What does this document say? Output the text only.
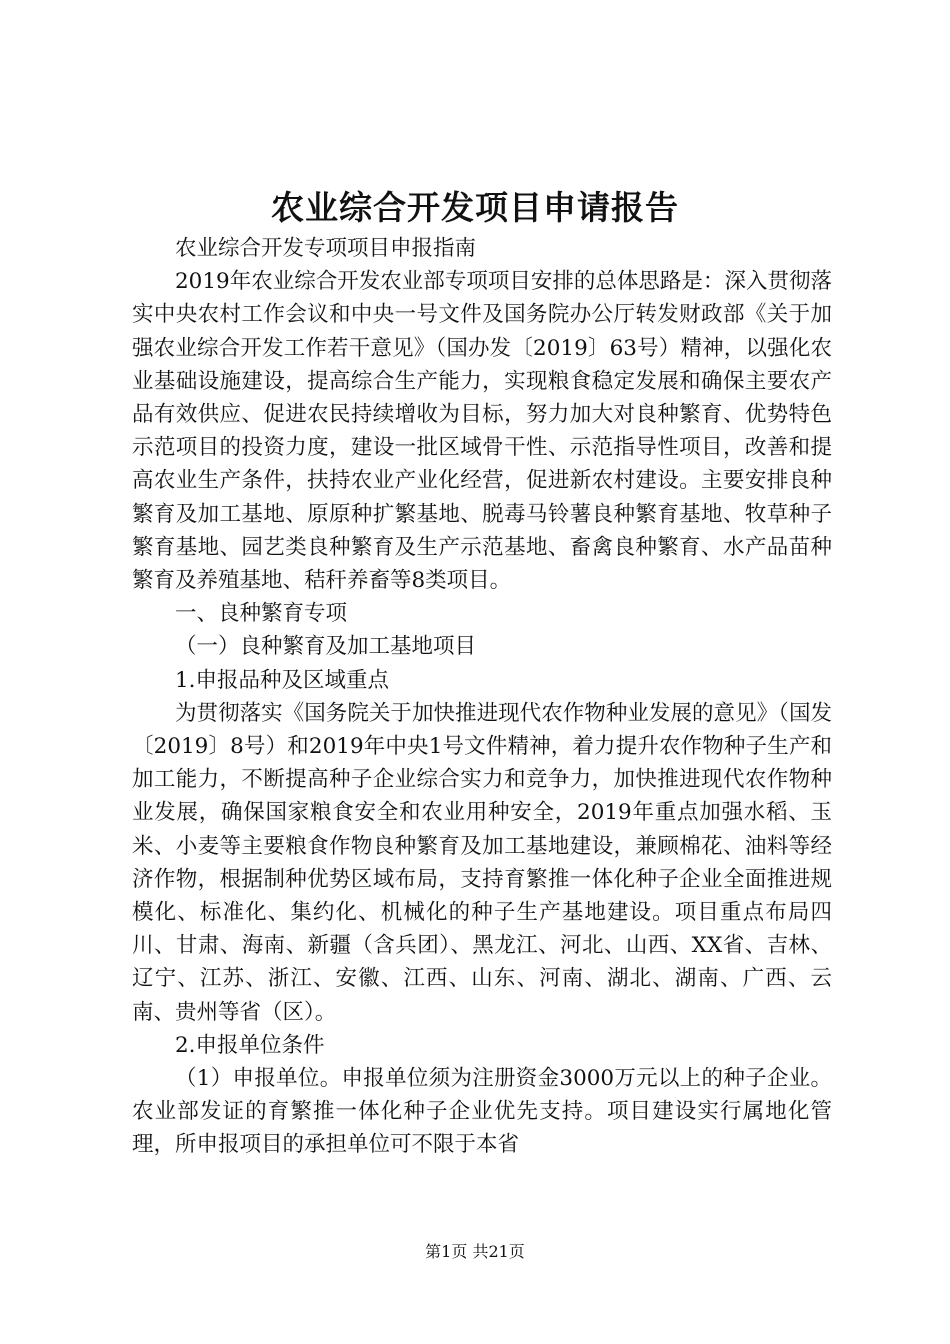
农业综合开发项目申请报告

农业综合开发专项项目申报指南

2019年农业综合开发农业部专项项目安排的总体思路是：深入贯彻落实中央农村工作会议和中央一号文件及国务院办公厅转发财政部《关于加强农业综合开发工作若干意见》（国办发〔2019〕63号）精神，以强化农业基础设施建设，提高综合生产能力，实现粮食稳定发展和确保主要农产品有效供应、促进农民持续增收为目标，努力加大对良种繁育、优势特色示范项目的投资力度，建设一批区域骨干性、示范指导性项目，改善和提高农业生产条件，扶持农业产业化经营，促进新农村建设。主要安排良种繁育及加工基地、原原种扩繁基地、脱毒马铃薯良种繁育基地、牧草种子繁育基地、园艺类良种繁育及生产示范基地、畜禽良种繁育、水产品苗种繁育及养殖基地、秸秆养畜等8类项目。

一、良种繁育专项

（一）良种繁育及加工基地项目

1.申报品种及区域重点

为贯彻落实《国务院关于加快推进现代农作物种业发展的意见》（国发〔2019〕8号）和2019年中央1号文件精神，着力提升农作物种子生产和加工能力，不断提高种子企业综合实力和竞争力，加快推进现代农作物种业发展，确保国家粮食安全和农业用种安全，2019年重点加强水稻、玉米、小麦等主要粮食作物良种繁育及加工基地建设，兼顾棉花、油料等经济作物，根据制种优势区域布局，支持育繁推一体化种子企业全面推进规模化、标准化、集约化、机械化的种子生产基地建设。项目重点布局四川、甘肃、海南、新疆（含兵团）、黑龙江、河北、山西、XX省、吉林、辽宁、江苏、浙江、安徽、江西、山东、河南、湖北、湖南、广西、云南、贵州等省（区）。

2.申报单位条件

（1）申报单位。申报单位须为注册资金3000万元以上的种子企业。农业部发证的育繁推一体化种子企业优先支持。项目建设实行属地化管理，所申报项目的承担单位可不限于本省

第1页 共21页
